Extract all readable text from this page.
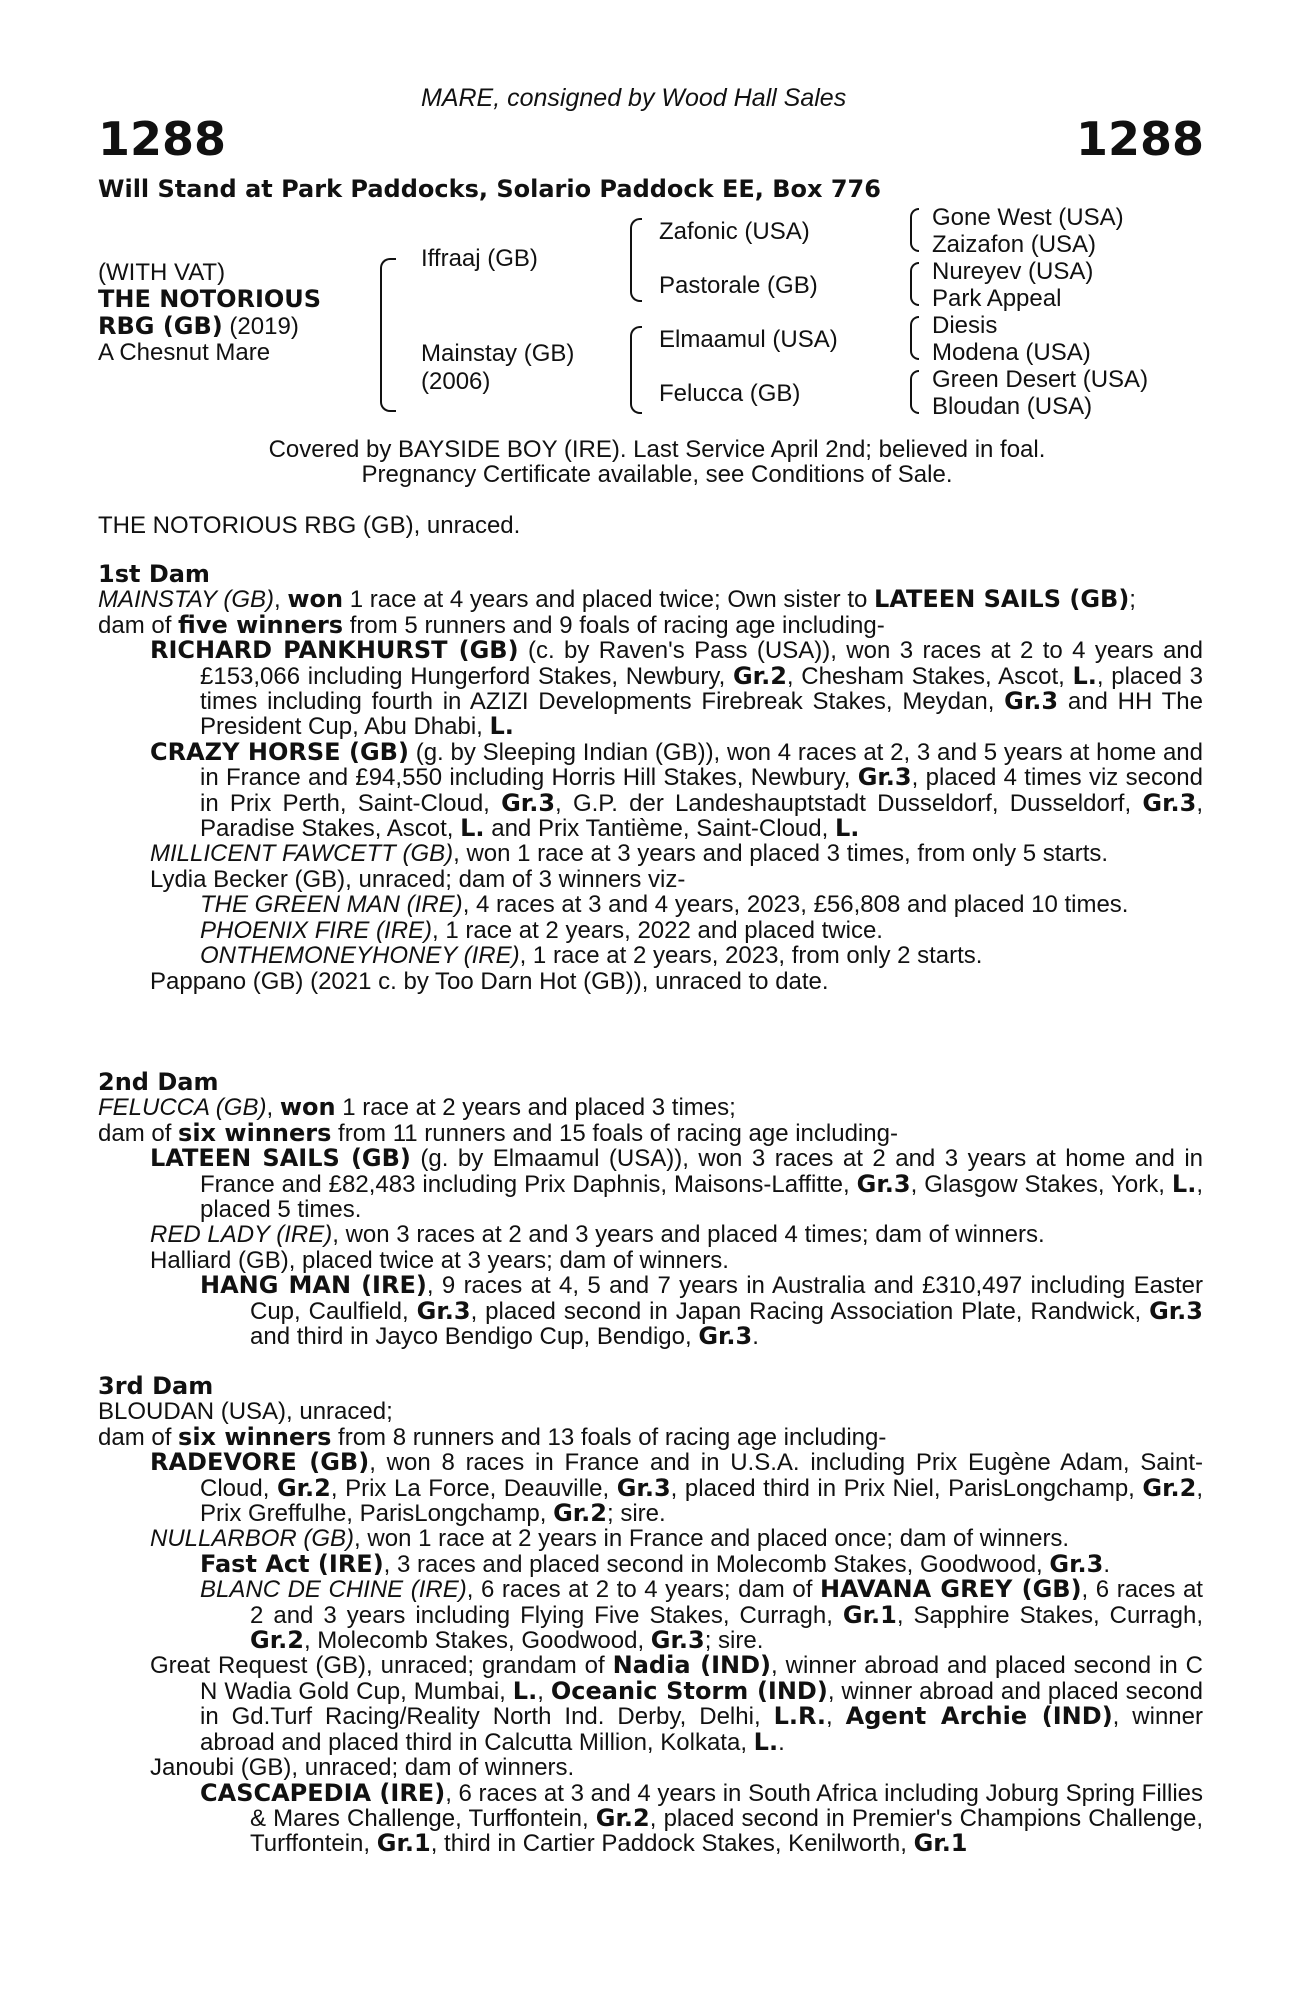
MARE, consigned by Wood Hall Sales
1288	1288
Will Stand at Park Paddocks, Solario Paddock EE, Box 776
(WITH VAT)
THE NOTORIOUS
RBG (GB) (2019)
A Chesnut Mare
Iffraaj (GB)
Mainstay (GB)
(2006)
Zafonic (USA)
Pastorale (GB)
Elmaamul (USA)
Felucca (GB)
Gone West (USA)
Zaizafon (USA)
Nureyev (USA)
Park Appeal
Diesis
Modena (USA)
Green Desert (USA)
Bloudan (USA)
Covered by BAYSIDE BOY (IRE). Last Service April 2nd; believed in foal.
Pregnancy Certificate available, see Conditions of Sale.
THE NOTORIOUS RBG (GB), unraced.

1st Dam

MAINSTAY (GB), won 1 race at 4 years and placed twice; Own sister to LATEEN SAILS (GB);

dam of five winners from 5 runners and 9 foals of racing age including-

RICHARD PANKHURST (GB) (c. by Raven's Pass (USA)), won 3 races at 2 to 4 years and £153,066 including Hungerford Stakes, Newbury, Gr.2, Chesham Stakes, Ascot, L., placed 3 times including fourth in AZIZI Developments Firebreak Stakes, Meydan, Gr.3 and HH The President Cup, Abu Dhabi, L.

CRAZY HORSE (GB) (g. by Sleeping Indian (GB)), won 4 races at 2, 3 and 5 years at home and in France and £94,550 including Horris Hill Stakes, Newbury, Gr.3, placed 4 times viz second in Prix Perth, Saint-Cloud, Gr.3, G.P. der Landeshauptstadt Dusseldorf, Dusseldorf, Gr.3, Paradise Stakes, Ascot, L. and Prix Tantième, Saint-Cloud, L.

MILLICENT FAWCETT (GB), won 1 race at 3 years and placed 3 times, from only 5 starts.

Lydia Becker (GB), unraced; dam of 3 winners viz-

THE GREEN MAN (IRE), 4 races at 3 and 4 years, 2023, £56,808 and placed 10 times.

PHOENIX FIRE (IRE), 1 race at 2 years, 2022 and placed twice.

ONTHEMONEYHONEY (IRE), 1 race at 2 years, 2023, from only 2 starts.

Pappano (GB) (2021 c. by Too Darn Hot (GB)), unraced to date.

2nd Dam

FELUCCA (GB), won 1 race at 2 years and placed 3 times;

dam of six winners from 11 runners and 15 foals of racing age including-

LATEEN SAILS (GB) (g. by Elmaamul (USA)), won 3 races at 2 and 3 years at home and in France and £82,483 including Prix Daphnis, Maisons-Laffitte, Gr.3, Glasgow Stakes, York, L., placed 5 times.

RED LADY (IRE), won 3 races at 2 and 3 years and placed 4 times; dam of winners.

Halliard (GB), placed twice at 3 years; dam of winners.

HANG MAN (IRE), 9 races at 4, 5 and 7 years in Australia and £310,497 including Easter Cup, Caulfield, Gr.3, placed second in Japan Racing Association Plate, Randwick, Gr.3 and third in Jayco Bendigo Cup, Bendigo, Gr.3.

3rd Dam

BLOUDAN (USA), unraced;

dam of six winners from 8 runners and 13 foals of racing age including-

RADEVORE (GB), won 8 races in France and in U.S.A. including Prix Eugène Adam, Saint-Cloud, Gr.2, Prix La Force, Deauville, Gr.3, placed third in Prix Niel, ParisLongchamp, Gr.2, Prix Greffulhe, ParisLongchamp, Gr.2; sire.

NULLARBOR (GB), won 1 race at 2 years in France and placed once; dam of winners.

Fast Act (IRE), 3 races and placed second in Molecomb Stakes, Goodwood, Gr.3.

BLANC DE CHINE (IRE), 6 races at 2 to 4 years; dam of HAVANA GREY (GB), 6 races at 2 and 3 years including Flying Five Stakes, Curragh, Gr.1, Sapphire Stakes, Curragh, Gr.2, Molecomb Stakes, Goodwood, Gr.3; sire.

Great Request (GB), unraced; grandam of Nadia (IND), winner abroad and placed second in C N Wadia Gold Cup, Mumbai, L., Oceanic Storm (IND), winner abroad and placed second in Gd.Turf Racing/Reality North Ind. Derby, Delhi, L.R., Agent Archie (IND), winner abroad and placed third in Calcutta Million, Kolkata, L..

Janoubi (GB), unraced; dam of winners.

CASCAPEDIA (IRE), 6 races at 3 and 4 years in South Africa including Joburg Spring Fillies & Mares Challenge, Turffontein, Gr.2, placed second in Premier's Champions Challenge, Turffontein, Gr.1, third in Cartier Paddock Stakes, Kenilworth, Gr.1
